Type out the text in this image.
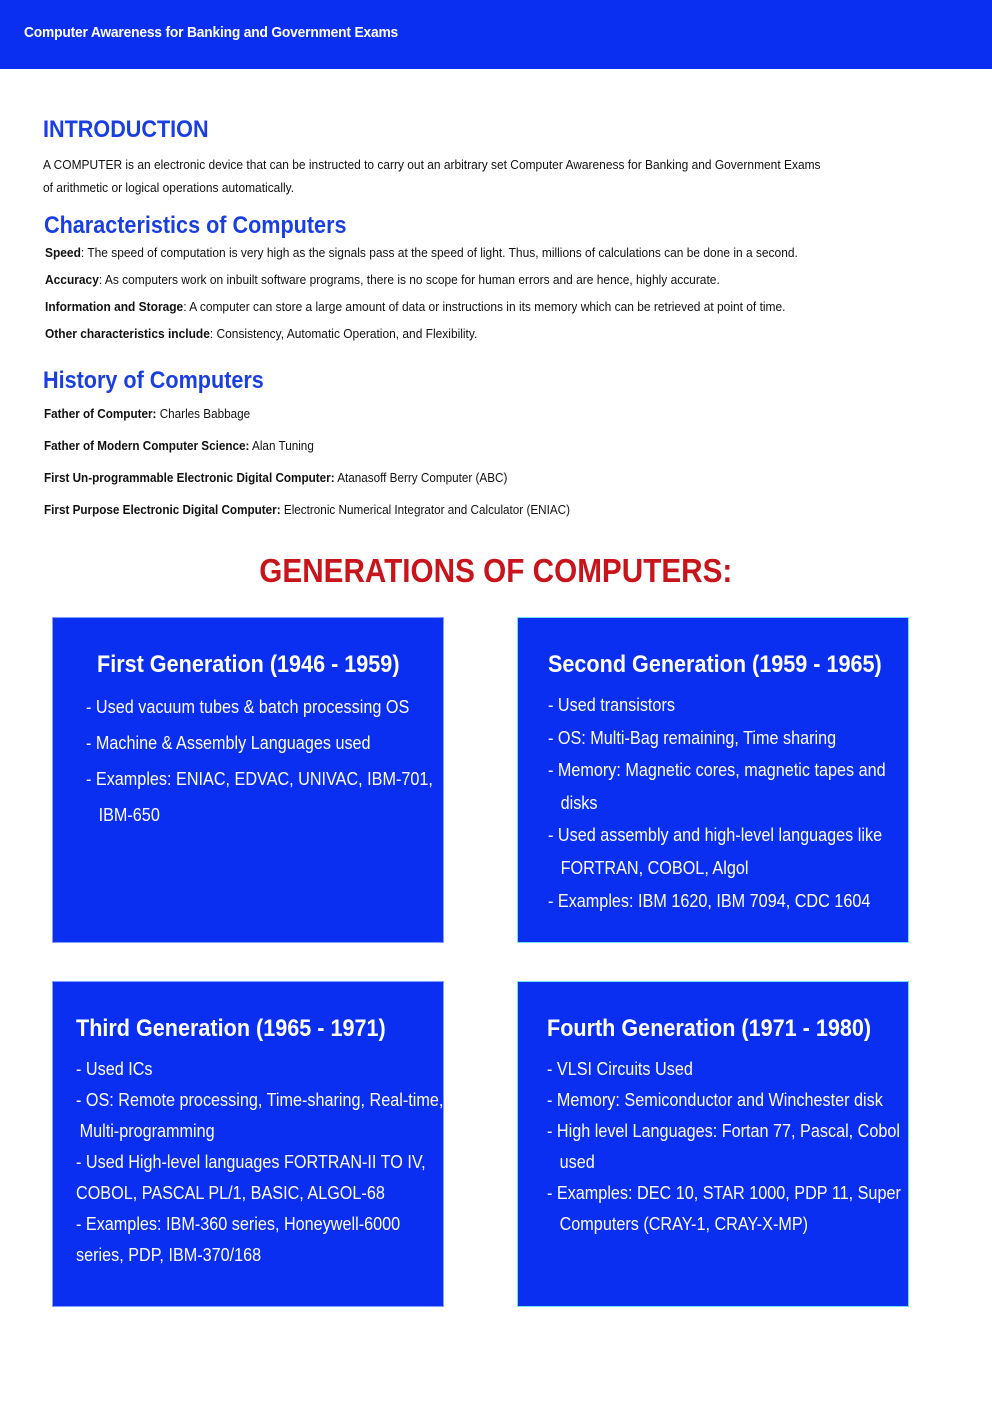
Computer Awareness for Banking and Government Exams
INTRODUCTION
A COMPUTER is an electronic device that can be instructed to carry out an arbitrary set Computer Awareness for Banking and Government Exams
of arithmetic or logical operations automatically.
Characteristics of Computers
Speed: The speed of computation is very high as the signals pass at the speed of light. Thus, millions of calculations can be done in a second.
Accuracy: As computers work on inbuilt software programs, there is no scope for human errors and are hence, highly accurate.
Information and Storage: A computer can store a large amount of data or instructions in its memory which can be retrieved at point of time.
Other characteristics include: Consistency, Automatic Operation, and Flexibility.
History of Computers
Father of Computer: Charles Babbage
Father of Modern Computer Science: Alan Tuning
First Un-programmable Electronic Digital Computer: Atanasoff Berry Computer (ABC)
First Purpose Electronic Digital Computer: Electronic Numerical Integrator and Calculator (ENIAC)
GENERATIONS OF COMPUTERS:
First Generation (1946 - 1959)
- Used vacuum tubes & batch processing OS
- Machine & Assembly Languages used
- Examples: ENIAC, EDVAC, UNIVAC, IBM-701,
IBM-650
Second Generation (1959 - 1965)
- Used transistors
- OS: Multi-Bag remaining, Time sharing
- Memory: Magnetic cores, magnetic tapes and
disks
- Used assembly and high-level languages like
FORTRAN, COBOL, Algol
- Examples: IBM 1620, IBM 7094, CDC 1604
Third Generation (1965 - 1971)
- Used ICs
- OS: Remote processing, Time-sharing, Real-time,
Multi-programming
- Used High-level languages FORTRAN-II TO IV,
COBOL, PASCAL PL/1, BASIC, ALGOL-68
- Examples: IBM-360 series, Honeywell-6000
series, PDP, IBM-370/168
Fourth Generation (1971 - 1980)
- VLSI Circuits Used
- Memory: Semiconductor and Winchester disk
- High level Languages: Fortan 77, Pascal, Cobol
used
- Examples: DEC 10, STAR 1000, PDP 11, Super
Computers (CRAY-1, CRAY-X-MP)
